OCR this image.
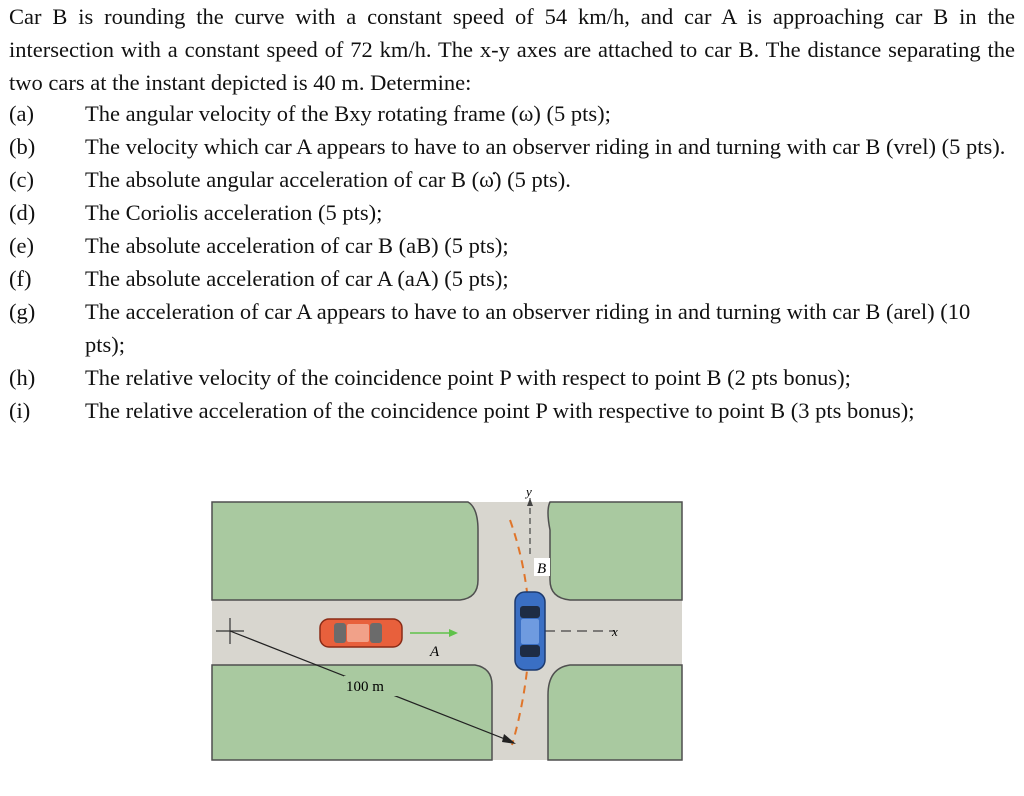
Car B is rounding the curve with a constant speed of 54 km/h, and car A is approaching car B in the intersection with a constant speed of 72 km/h. The x-y axes are attached to car B. The distance separating the two cars at the instant depicted is 40 m. Determine:
(a)	The angular velocity of the Bxy rotating frame (ω) (5 pts);
(b)	The velocity which car A appears to have to an observer riding in and turning with car B (vrel) (5 pts).
(c)	The absolute angular acceleration of car B (ω̇) (5 pts).
(d)	The Coriolis acceleration (5 pts);
(e)	The absolute acceleration of car B (aB) (5 pts);
(f)	The absolute acceleration of car A (aA) (5 pts);
(g)	The acceleration of car A appears to have to an observer riding in and turning with car B (arel) (10 pts);
(h)	The relative velocity of the coincidence point P with respect to point B (2 pts bonus);
(i)	The relative acceleration of the coincidence point P with respective to point B (3 pts bonus);
y
x
B
A
100 m
